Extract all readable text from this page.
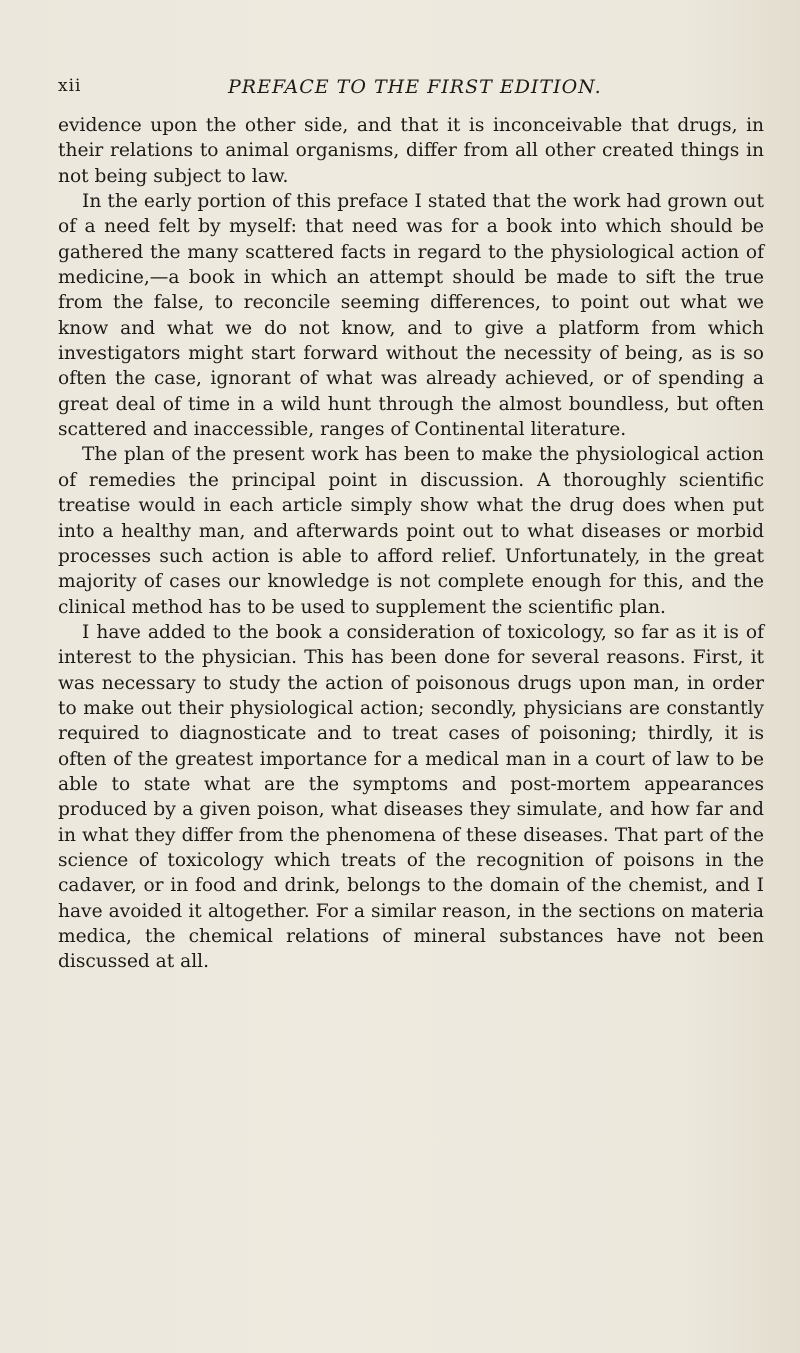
xii	PREFACE TO THE FIRST EDITION.

evidence upon the other side, and that it is inconceivable that drugs, in their relations to animal organisms, differ from all other created things in not being subject to law.

In the early portion of this preface I stated that the work had grown out of a need felt by myself: that need was for a book into which should be gathered the many scattered facts in regard to the physiological action of medicine,—a book in which an attempt should be made to sift the true from the false, to reconcile seeming differences, to point out what we know and what we do not know, and to give a platform from which investigators might start forward without the necessity of being, as is so often the case, ignorant of what was already achieved, or of spending a great deal of time in a wild hunt through the almost boundless, but often scattered and inaccessible, ranges of Continental literature.

The plan of the present work has been to make the physiological action of remedies the principal point in discussion. A thoroughly scientific treatise would in each article simply show what the drug does when put into a healthy man, and afterwards point out to what diseases or morbid processes such action is able to afford relief. Unfortunately, in the great majority of cases our knowledge is not complete enough for this, and the clinical method has to be used to supplement the scientific plan.

I have added to the book a consideration of toxicology, so far as it is of interest to the physician. This has been done for several reasons. First, it was necessary to study the action of poisonous drugs upon man, in order to make out their physiological action; secondly, physicians are constantly required to diagnosticate and to treat cases of poisoning; thirdly, it is often of the greatest importance for a medical man in a court of law to be able to state what are the symptoms and post-mortem appearances produced by a given poison, what diseases they simulate, and how far and in what they differ from the phenomena of these diseases. That part of the science of toxicology which treats of the recognition of poisons in the cadaver, or in food and drink, belongs to the domain of the chemist, and I have avoided it altogether. For a similar reason, in the sections on materia medica, the chemical relations of mineral substances have not been discussed at all.
